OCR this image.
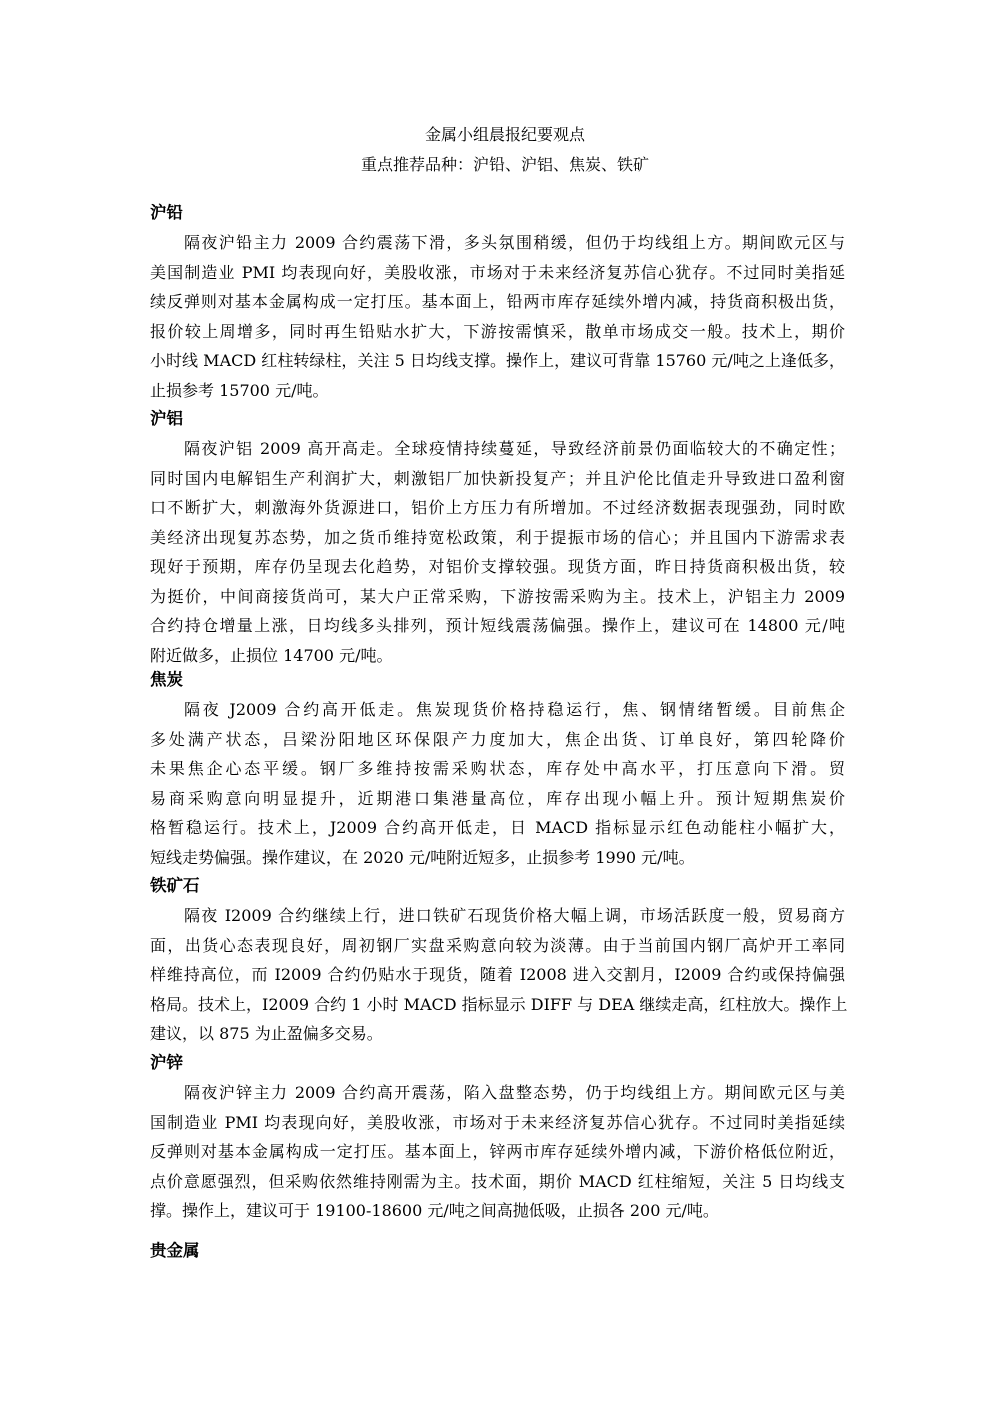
金属小组晨报纪要观点
重点推荐品种：沪铅、沪铝、焦炭、铁矿
沪铅
隔夜沪铅主力 2009 合约震荡下滑，多头氛围稍缓，但仍于均线组上方。期间欧元区与
美国制造业 PMI 均表现向好，美股收涨，市场对于未来经济复苏信心犹存。不过同时美指延
续反弹则对基本金属构成一定打压。基本面上，铅两市库存延续外增内减，持货商积极出货，
报价较上周增多，同时再生铅贴水扩大，下游按需慎采，散单市场成交一般。技术上，期价
小时线 MACD 红柱转绿柱，关注 5 日均线支撑。操作上，建议可背靠 15760 元/吨之上逢低多，
止损参考 15700 元/吨。
沪铝
隔夜沪铝 2009 高开高走。全球疫情持续蔓延，导致经济前景仍面临较大的不确定性；
同时国内电解铝生产利润扩大，刺激铝厂加快新投复产；并且沪伦比值走升导致进口盈利窗
口不断扩大，刺激海外货源进口，铝价上方压力有所增加。不过经济数据表现强劲，同时欧
美经济出现复苏态势，加之货币维持宽松政策，利于提振市场的信心；并且国内下游需求表
现好于预期，库存仍呈现去化趋势，对铝价支撑较强。现货方面，昨日持货商积极出货，较
为挺价，中间商接货尚可，某大户正常采购，下游按需采购为主。技术上，沪铝主力 2009
合约持仓增量上涨，日均线多头排列，预计短线震荡偏强。操作上，建议可在 14800 元/吨
附近做多，止损位 14700 元/吨。
焦炭
隔夜 J2009 合约高开低走。焦炭现货价格持稳运行，焦、钢情绪暂缓。目前焦企
多处满产状态，吕梁汾阳地区环保限产力度加大，焦企出货、订单良好，第四轮降价
未果焦企心态平缓。钢厂多维持按需采购状态，库存处中高水平，打压意向下滑。贸
易商采购意向明显提升，近期港口集港量高位，库存出现小幅上升。预计短期焦炭价
格暂稳运行。技术上，J2009 合约高开低走，日 MACD 指标显示红色动能柱小幅扩大，
短线走势偏强。操作建议，在 2020 元/吨附近短多，止损参考 1990 元/吨。
铁矿石
隔夜 I2009 合约继续上行，进口铁矿石现货价格大幅上调，市场活跃度一般，贸易商方
面，出货心态表现良好，周初钢厂实盘采购意向较为淡薄。由于当前国内钢厂高炉开工率同
样维持高位，而 I2009 合约仍贴水于现货，随着 I2008 进入交割月，I2009 合约或保持偏强
格局。技术上，I2009 合约 1 小时 MACD 指标显示 DIFF 与 DEA 继续走高，红柱放大。操作上
建议，以 875 为止盈偏多交易。
沪锌
隔夜沪锌主力 2009 合约高开震荡，陷入盘整态势，仍于均线组上方。期间欧元区与美
国制造业 PMI 均表现向好，美股收涨，市场对于未来经济复苏信心犹存。不过同时美指延续
反弹则对基本金属构成一定打压。基本面上，锌两市库存延续外增内减，下游价格低位附近，
点价意愿强烈，但采购依然维持刚需为主。技术面，期价 MACD 红柱缩短，关注 5 日均线支
撑。操作上，建议可于 19100-18600 元/吨之间高抛低吸，止损各 200 元/吨。
贵金属
